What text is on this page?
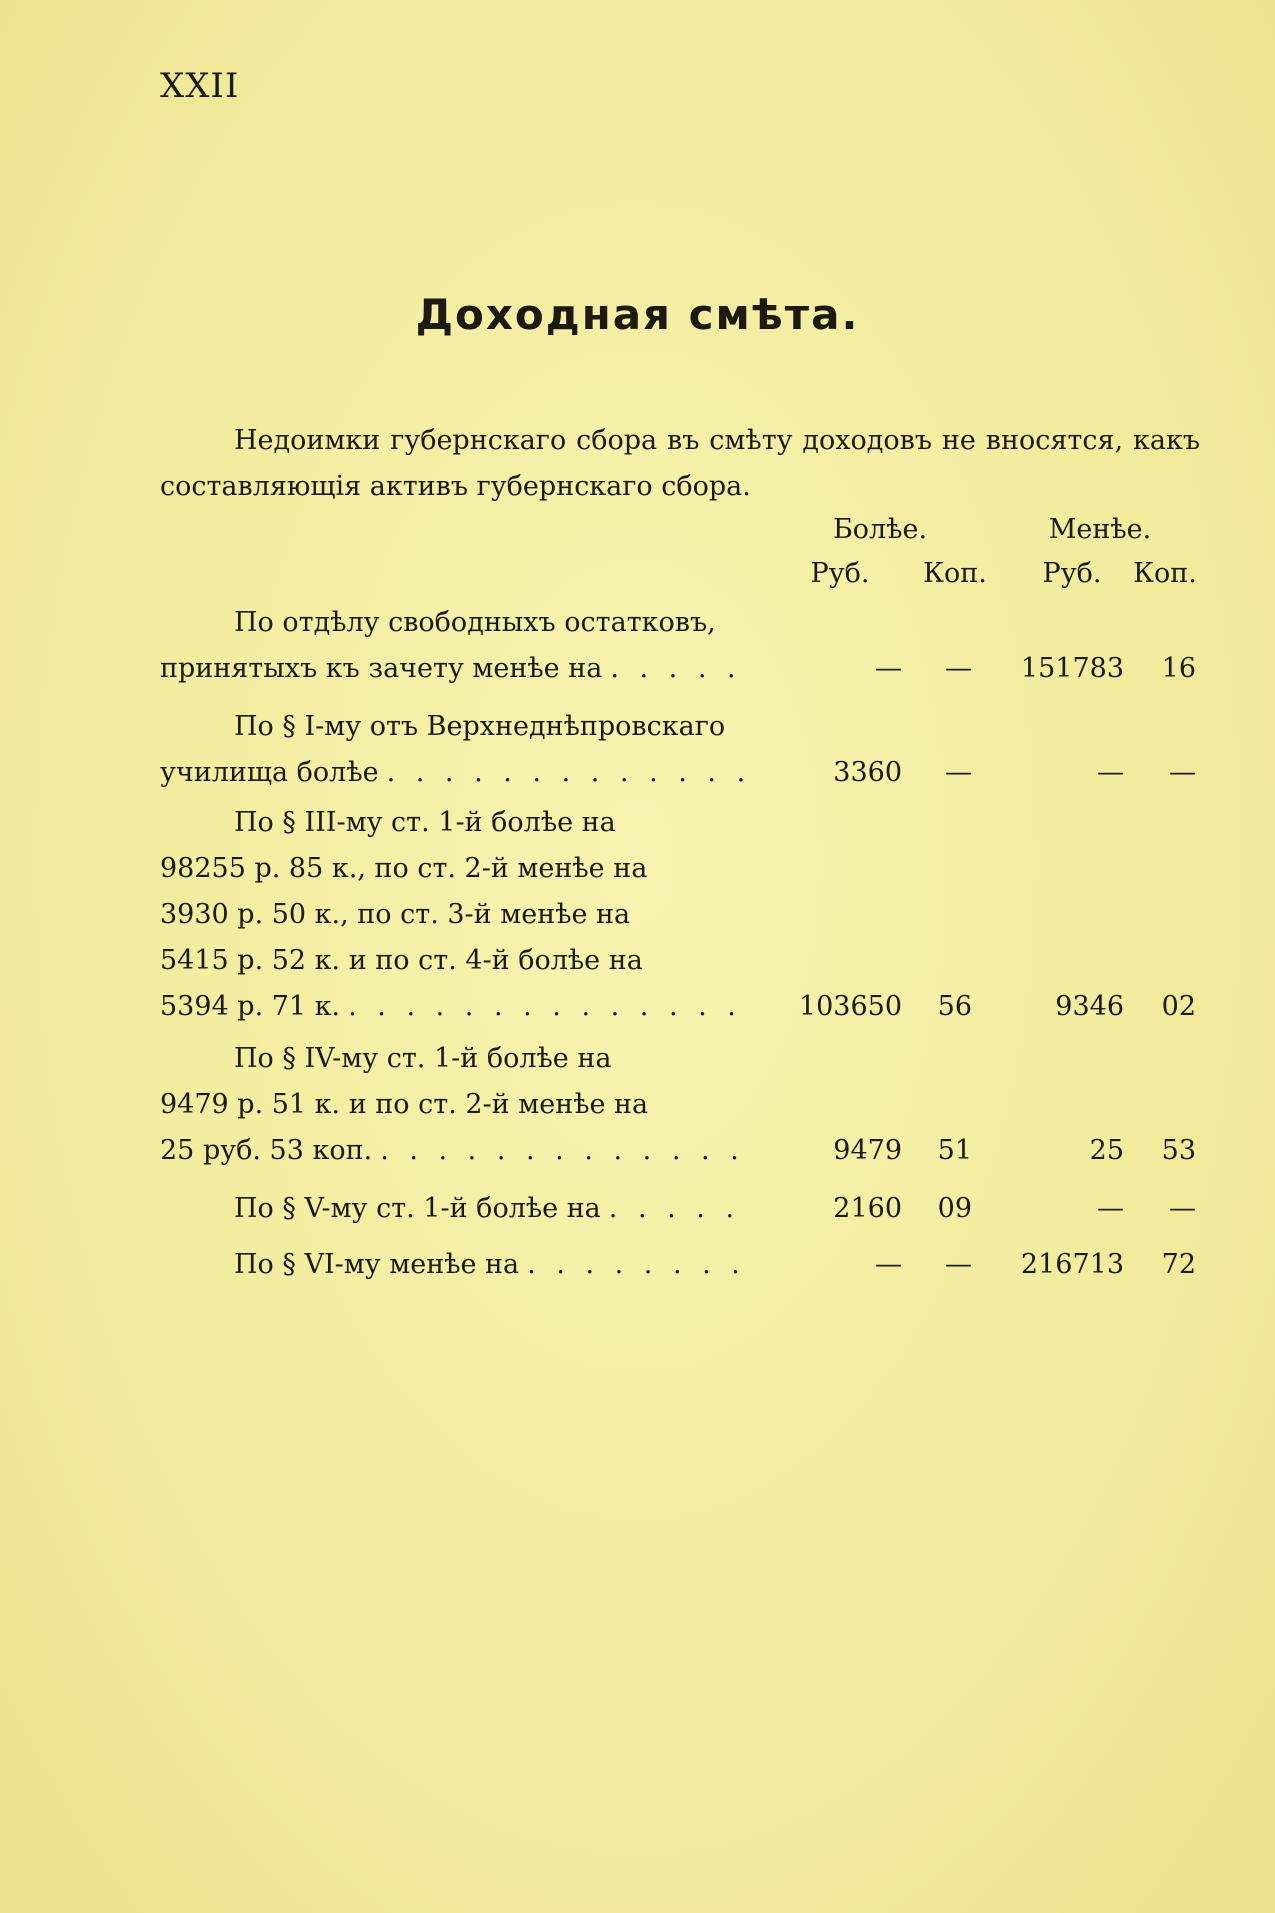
XXII
Доходная смѣта.
Недоимки губернскаго сбора въ смѣту доходовъ не вносятся, какъ составляющія активъ губернскаго сбора.
Болѣе.	Менѣе.
Руб.	Коп.	Руб.	Коп.
По отдѣлу свободныхъ остатковъ,
принятыхъ къ зачету менѣе на . . .	—	—	151783	16
По § I-му отъ Верхнеднѣпровскаго
училища болѣе . . .	3360	—	—	—
По § III-му ст. 1-й болѣе на
98255 р. 85 к., по ст. 2-й менѣе на
3930 р. 50 к., по ст. 3-й менѣе на
5415 р. 52 к. и по ст. 4-й болѣе на
5394 р. 71 к. . . .	103650	56	9346	02
По § IV-му ст. 1-й болѣе на
9479 р. 51 к. и по ст. 2-й менѣе на
25 руб. 53 коп. . . .	9479	51	25	53
По § V-му ст. 1-й болѣе на . . .	2160	09	—	—
По § VI-му менѣе на . . .	—	—	216713	72
